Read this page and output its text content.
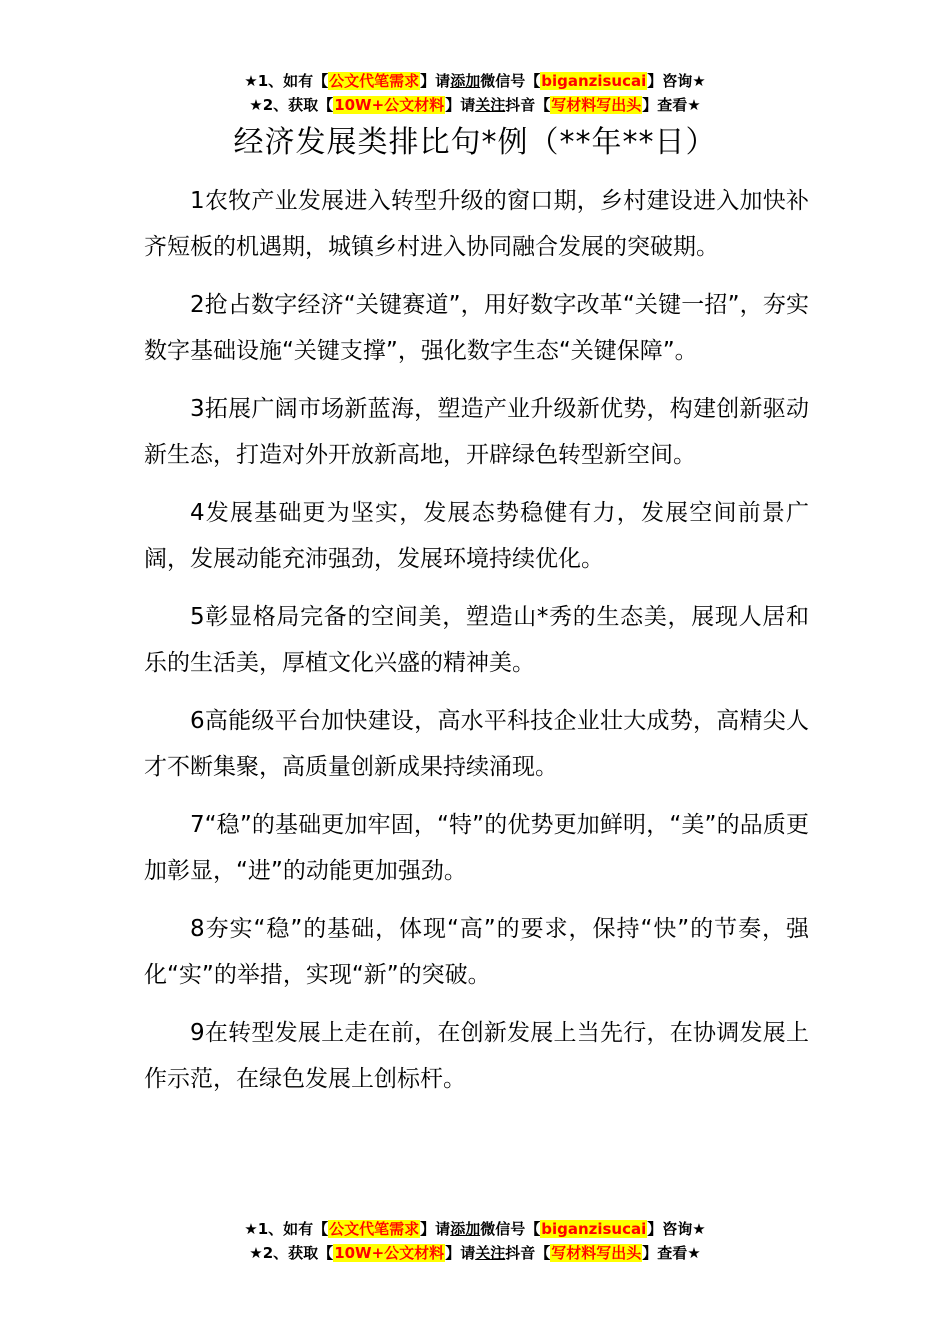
★1、如有【公文代笔需求】请添加微信号【biganzisucai】咨询★
★2、获取【10W+公文材料】请关注抖音【写材料写出头】查看★
经济发展类排比句*例（**年**日）

1农牧产业发展进入转型升级的窗口期，乡村建设进入加快补齐短板的机遇期，城镇乡村进入协同融合发展的突破期。

2抢占数字经济“关键赛道”，用好数字改革“关键一招”，夯实数字基础设施“关键支撑”，强化数字生态“关键保障”。

3拓展广阔市场新蓝海，塑造产业升级新优势，构建创新驱动新生态，打造对外开放新高地，开辟绿色转型新空间。

4发展基础更为坚实，发展态势稳健有力，发展空间前景广阔，发展动能充沛强劲，发展环境持续优化。

5彰显格局完备的空间美，塑造山*秀的生态美，展现人居和乐的生活美，厚植文化兴盛的精神美。

6高能级平台加快建设，高水平科技企业壮大成势，高精尖人才不断集聚，高质量创新成果持续涌现。

7“稳”的基础更加牢固，“特”的优势更加鲜明，“美”的品质更加彰显，“进”的动能更加强劲。

8夯实“稳”的基础，体现“高”的要求，保持“快”的节奏，强化“实”的举措，实现“新”的突破。

9在转型发展上走在前，在创新发展上当先行，在协调发展上作示范，在绿色发展上创标杆。

★1、如有【公文代笔需求】请添加微信号【biganzisucai】咨询★
★2、获取【10W+公文材料】请关注抖音【写材料写出头】查看★
